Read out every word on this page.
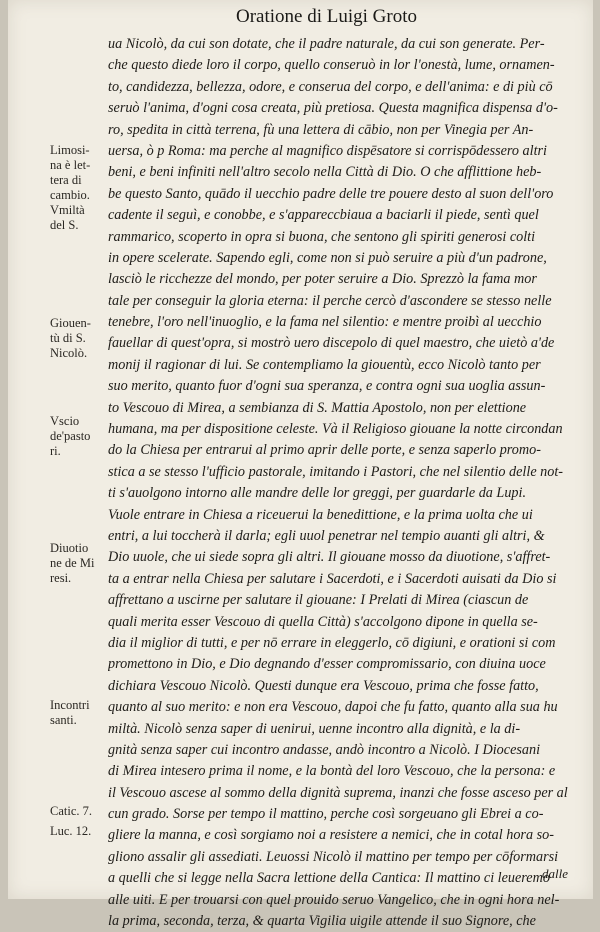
Oratione di Luigi Groto
ua Nicolò, da cui son dotate, che il padre naturale, da cui son generate. Per-
che questo diede loro il corpo, quello conseruò in lor l'onestà, lume, ornamen-
to, candidezza, bellezza, odore, e conserua del corpo, e dell'anima: e di più cō
seruò l'anima, d'ogni cosa creata, più pretiosa. Questa magnifica dispensa d'o-
ro, spedita in città terrena, fù una lettera di cābio, non per Vinegia per An-
uersa, ò p Roma: ma perche al magnifico dispēsatore si corrispōdessero altri
beni, e beni infiniti nell'altro secolo nella Città di Dio. O che afflittione heb-
be questo Santo, quādo il uecchio padre delle tre pouere desto al suon dell'oro
cadente il seguì, e conobbe, e s'appareccbiaua a baciarli il piede, sentì quel
rammarico, scoperto in opra si buona, che sentono gli spiriti generosi colti
in opere scelerate. Sapendo egli, come non si può seruire a più d'un padrone,
lasciò le ricchezze del mondo, per poter seruire a Dio. Sprezzò la fama mor
tale per conseguir la gloria eterna: il perche cercò d'ascondere se stesso nelle
tenebre, l'oro nell'inuoglio, e la fama nel silentio: e mentre proibì al uecchio
fauellar di quest'opra, si mostrò uero discepolo di quel maestro, che uietò a'de
monij il ragionar di lui. Se contempliamo la giouentù, ecco Nicolò tanto per
suo merito, quanto fuor d'ogni sua speranza, e contra ogni sua uoglia assun-
to Vescouo di Mirea, a sembianza di S. Mattia Apostolo, non per elettione
humana, ma per dispositione celeste. Và il Religioso giouane la notte circondan
do la Chiesa per entrarui al primo aprir delle porte, e senza saperlo promo-
stica a se stesso l'ufficio pastorale, imitando i Pastori, che nel silentio delle not-
ti s'auolgono intorno alle mandre delle lor greggi, per guardarle da Lupi.
Vuole entrare in Chiesa a riceuerui la benedittione, e la prima uolta che ui
entri, a lui toccherà il darla; egli uuol penetrar nel tempio auanti gli altri, &
Dio uuole, che ui siede sopra gli altri. Il giouane mosso da diuotione, s'affret-
ta a entrar nella Chiesa per salutare i Sacerdoti, e i Sacerdoti auisati da Dio si
affrettano a uscirne per salutare il giouane: I Prelati di Mirea (ciascun de
quali merita esser Vescouo di quella Città) s'accolgono dipone in quella se-
dia il miglior di tutti, e per nō errare in eleggerlo, cō digiuni, e orationi si com
promettono in Dio, e Dio degnando d'esser compromissario, con diuina uoce
dichiara Vescouo Nicolò. Questi dunque era Vescouo, prima che fosse fatto,
quanto al suo merito: e non era Vescouo, dapoi che fu fatto, quanto alla sua hu
miltà. Nicolò senza saper di uenirui, uenne incontro alla dignità, e la di-
gnità senza saper cui incontro andasse, andò incontro a Nicolò. I Diocesani
di Mirea intesero prima il nome, e la bontà del loro Vescouo, che la persona: e
il Vescouo ascese al sommo della dignità suprema, inanzi che fosse asceso per al
cun grado. Sorse per tempo il mattino, perche così sorgeuano gli Ebrei a co-
gliere la manna, e così sorgiamo noi a resistere a nemici, che in cotal hora so-
gliono assalir gli assediati. Leuossi Nicolò il mattino per tempo per cōformarsi
a quelli che si legge nella Sacra lettione della Cantica: Il mattino ci leueremo
alle uiti. E per trouarsi con quel prouido seruo Vangelico, che in ogni hora nel-
la prima, seconda, terza, & quarta Vigilia uigile attende il suo Signore, che
dalle
Limosi-
na è let-
tera di
cambio.
Vmiltà
del S.
Giouen-
tù di S.
Nicolò.
Vscio
de'pasto
ri.
Diuotio
ne de Mi
resi.
Incontri
santi.
Catic. 7.
Luc. 12.
